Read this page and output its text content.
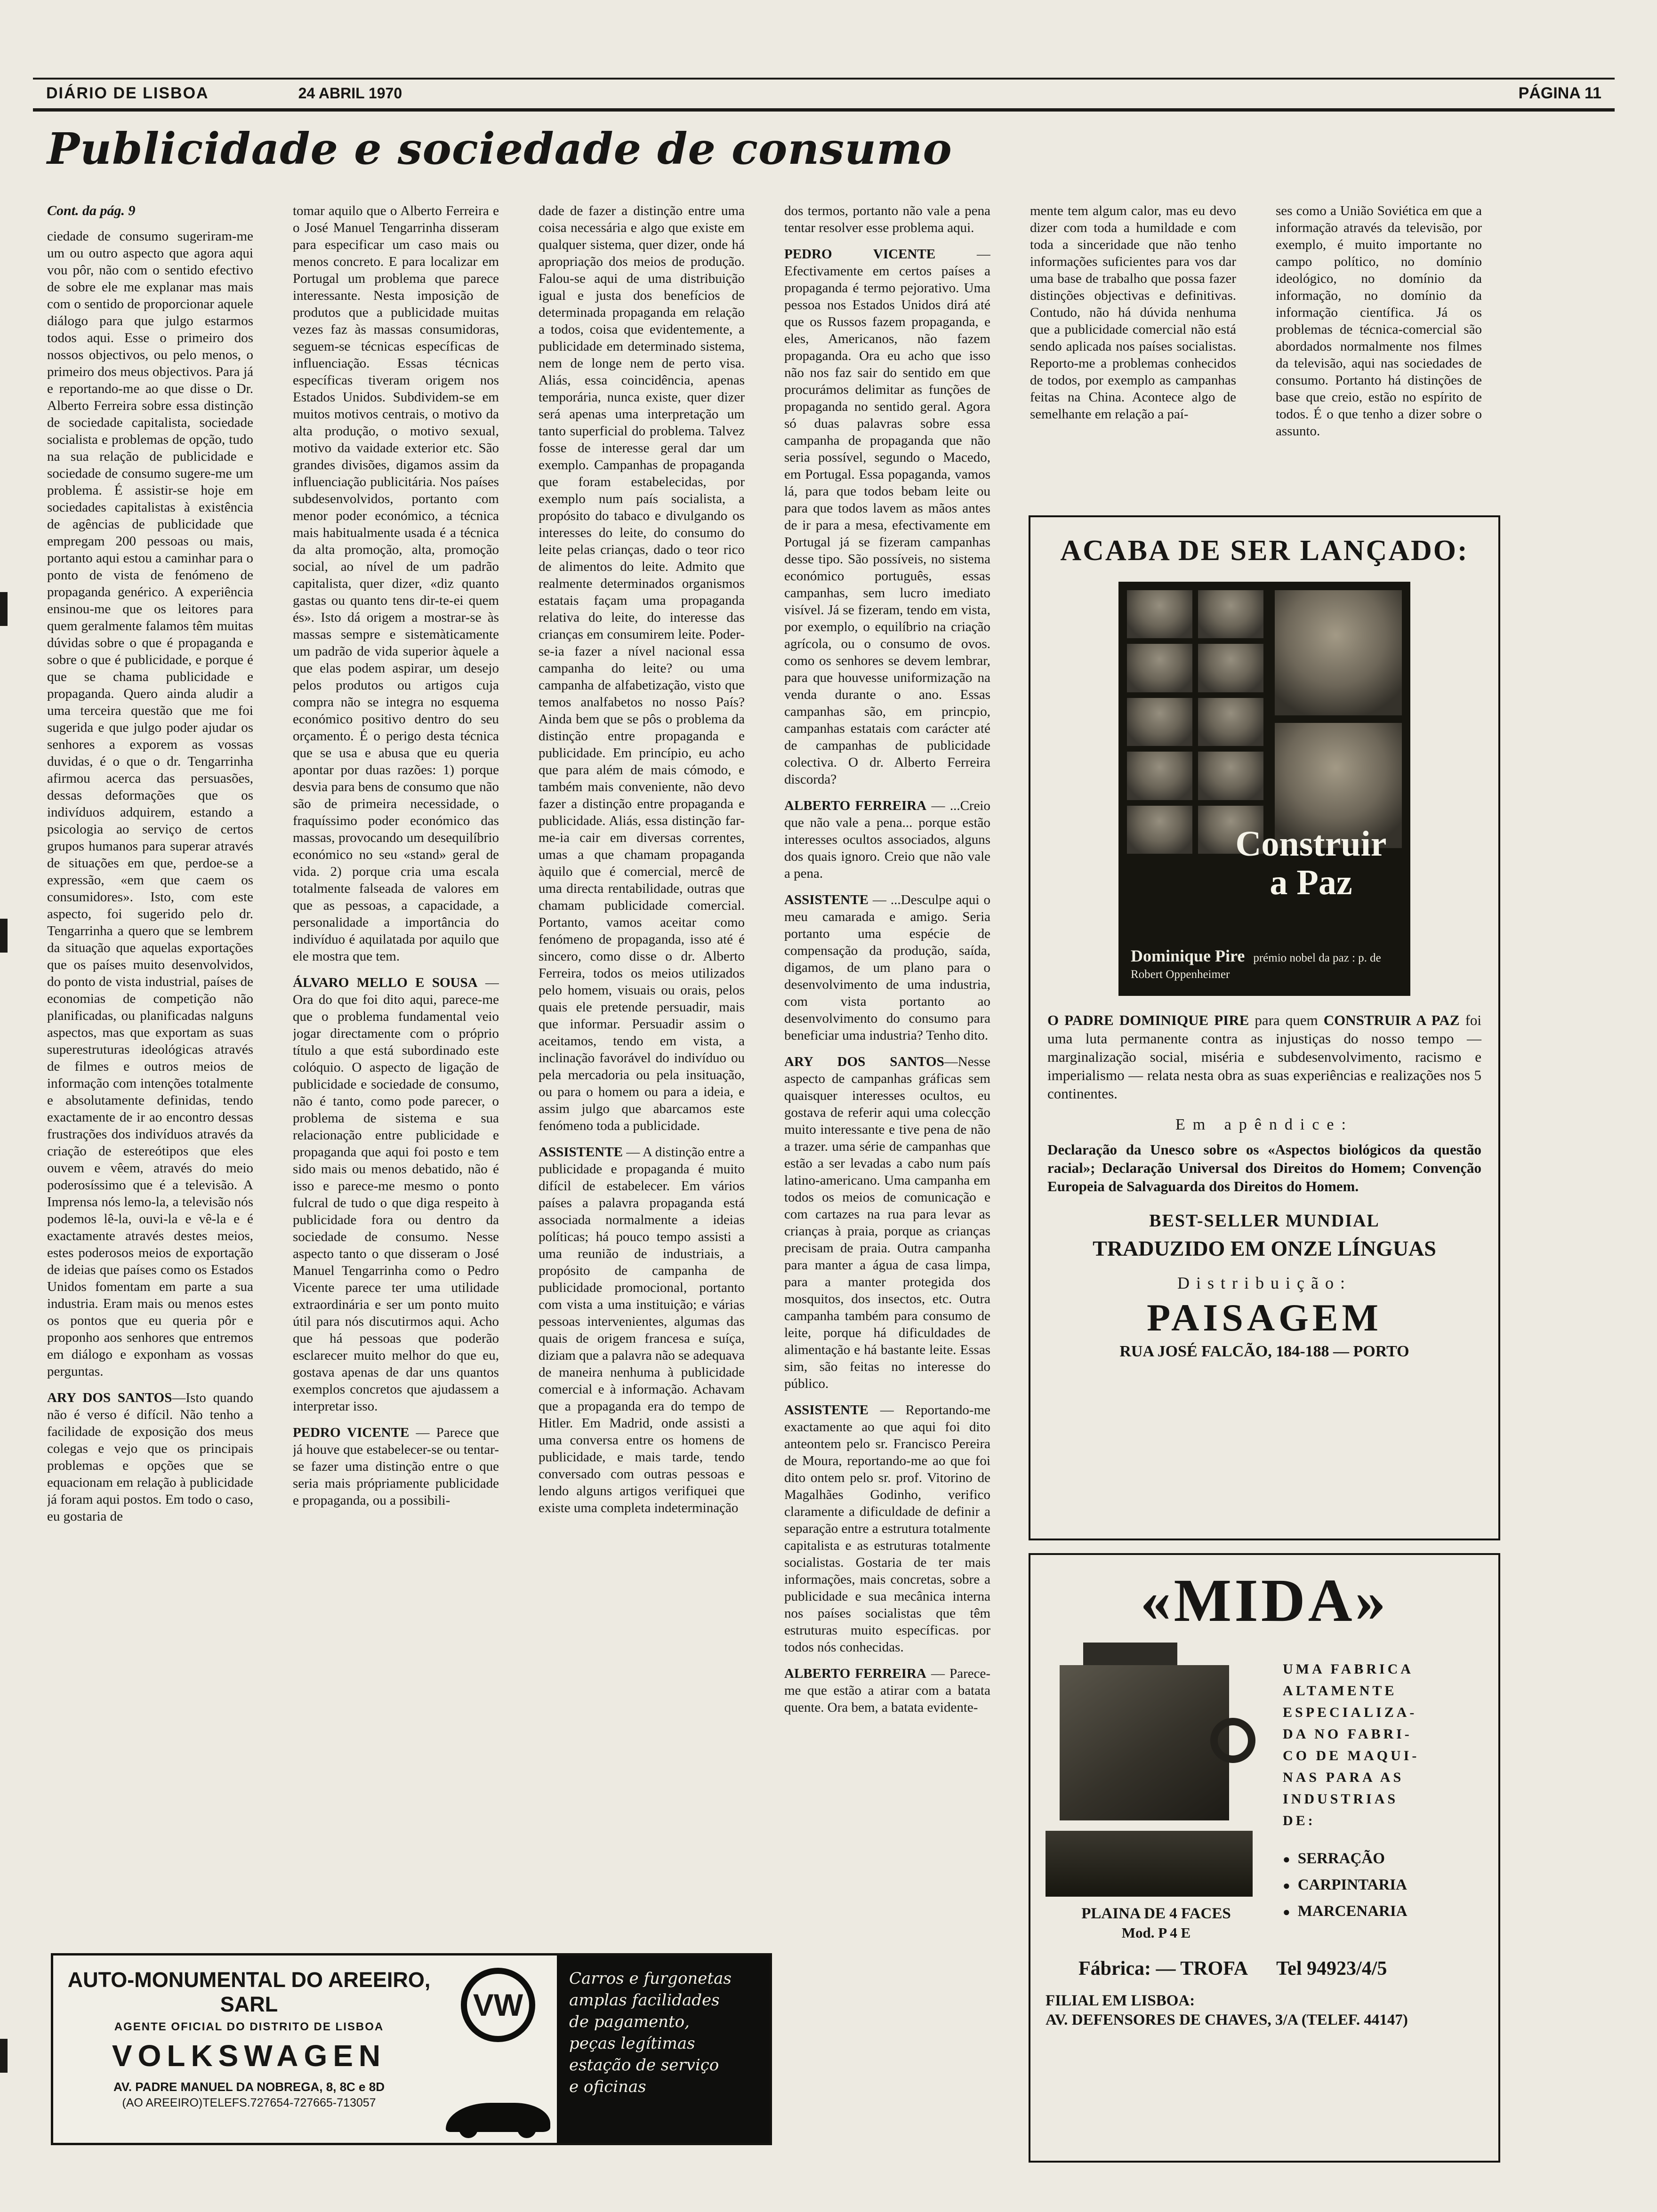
DIÁRIO DE LISBOA	24 ABRIL 1970	PÁGINA 11
Publicidade e sociedade de consumo
Cont. da pág. 9

ciedade de consumo sugeriram-me um ou outro aspecto que agora aqui vou pôr, não com o sentido efectivo de sobre ele me explanar mas mais com o sentido de proporcionar aquele diálogo para que julgo estarmos todos aqui. Esse o primeiro dos nossos objectivos, ou pelo menos, o primeiro dos meus objectivos. Para já e reportando-me ao que disse o Dr. Alberto Ferreira sobre essa distinção de sociedade capitalista, sociedade socialista e problemas de opção, tudo na sua relação de publicidade e sociedade de consumo sugere-me um problema. É assistir-se hoje em sociedades capitalistas à existência de agências de publicidade que empregam 200 pessoas ou mais, portanto aqui estou a caminhar para o ponto de vista de fenómeno de propaganda genérico. A experiência ensinou-me que os leitores para quem geralmente falamos têm muitas dúvidas sobre o que é propaganda e sobre o que é publicidade, e porque é que se chama publicidade e propaganda. Quero ainda aludir a uma terceira questão que me foi sugerida e que julgo poder ajudar os senhores a exporem as vossas duvidas, é o que o dr. Tengarrinha afirmou acerca das persuasões, dessas deformações que os indivíduos adquirem, estando a psicologia ao serviço de certos grupos humanos para superar através de situações em que, perdoe-se a expressão, «em que caem os consumidores». Isto, com este aspecto, foi sugerido pelo dr. Tengarrinha a quero que se lembrem da situação que aquelas exportações que os países muito desenvolvidos, do ponto de vista industrial, países de economias de competição não planificadas, ou planificadas nalguns aspectos, mas que exportam as suas superestruturas ideológicas através de filmes e outros meios de informação com intenções totalmente e absolutamente definidas, tendo exactamente de ir ao encontro dessas frustrações dos indivíduos através da criação de estereótipos que eles ouvem e vêem, através do meio poderosíssimo que é a televisão. A Imprensa nós lemo-la, a televisão nós podemos lê-la, ouvi-la e vê-la e é exactamente através destes meios, estes poderosos meios de exportação de ideias que países como os Estados Unidos fomentam em parte a sua industria. Eram mais ou menos estes os pontos que eu queria pôr e proponho aos senhores que entremos em diálogo e exponham as vossas perguntas.

ARY DOS SANTOS—Isto quando não é verso é difícil. Não tenho a facilidade de exposição dos meus colegas e vejo que os principais problemas e opções que se equacionam em relação à publicidade já foram aqui postos. Em todo o caso, eu gostaria de

tomar aquilo que o Alberto Ferreira e o José Manuel Tengarrinha disseram para especificar um caso mais ou menos concreto. E para localizar em Portugal um problema que parece interessante. Nesta imposição de produtos que a publicidade muitas vezes faz às massas consumidoras, seguem-se técnicas específicas de influenciação. Essas técnicas específicas tiveram origem nos Estados Unidos. Subdividem-se em muitos motivos centrais, o motivo da alta produção, o motivo sexual, motivo da vaidade exterior etc. São grandes divisões, digamos assim da influenciação publicitária. Nos países subdesenvolvidos, portanto com menor poder económico, a técnica mais habitualmente usada é a técnica da alta promoção, alta, promoção social, ao nível de um padrão capitalista, quer dizer, «diz quanto gastas ou quanto tens dir-te-ei quem és». Isto dá origem a mostrar-se às massas sempre e sistemàticamente um padrão de vida superior àquele a que elas podem aspirar, um desejo pelos produtos ou artigos cuja compra não se integra no esquema económico positivo dentro do seu orçamento. É o perigo desta técnica que se usa e abusa que eu queria apontar por duas razões: 1) porque desvia para bens de consumo que não são de primeira necessidade, o fraquíssimo poder económico das massas, provocando um desequilíbrio económico no seu «stand» geral de vida. 2) porque cria uma escala totalmente falseada de valores em que as pessoas, a capacidade, a personalidade a importância do indivíduo é aquilatada por aquilo que ele mostra que tem.

ÁLVARO MELLO E SOUSA — Ora do que foi dito aqui, parece-me que o problema fundamental veio jogar directamente com o próprio título a que está subordinado este colóquio. O aspecto de ligação de publicidade e sociedade de consumo, não é tanto, como pode parecer, o problema de sistema e sua relacionação entre publicidade e propaganda que aqui foi posto e tem sido mais ou menos debatido, não é isso e parece-me mesmo o ponto fulcral de tudo o que diga respeito à publicidade fora ou dentro da sociedade de consumo. Nesse aspecto tanto o que disseram o José Manuel Tengarrinha como o Pedro Vicente parece ter uma utilidade extraordinária e ser um ponto muito útil para nós discutirmos aqui. Acho que há pessoas que poderão esclarecer muito melhor do que eu, gostava apenas de dar uns quantos exemplos concretos que ajudassem a interpretar isso.

PEDRO VICENTE — Parece que já houve que estabelecer-se ou tentar-se fazer uma distinção entre o que seria mais própriamente publicidade e propaganda, ou a possibili-

dade de fazer a distinção entre uma coisa necessária e algo que existe em qualquer sistema, quer dizer, onde há apropriação dos meios de produção. Falou-se aqui de uma distribuição igual e justa dos benefícios de determinada propaganda em relação a todos, coisa que evidentemente, a publicidade em determinado sistema, nem de longe nem de perto visa. Aliás, essa coincidência, apenas temporária, nunca existe, quer dizer será apenas uma interpretação um tanto superficial do problema. Talvez fosse de interesse geral dar um exemplo. Campanhas de propaganda que foram estabelecidas, por exemplo num país socialista, a propósito do tabaco e divulgando os interesses do leite, do consumo do leite pelas crianças, dado o teor rico de alimentos do leite. Admito que realmente determinados organismos estatais façam uma propaganda relativa do leite, do interesse das crianças em consumirem leite. Poder-se-ia fazer a nível nacional essa campanha do leite? ou uma campanha de alfabetização, visto que temos analfabetos no nosso País? Ainda bem que se pôs o problema da distinção entre propaganda e publicidade. Em princípio, eu acho que para além de mais cómodo, e também mais conveniente, não devo fazer a distinção entre propaganda e publicidade. Aliás, essa distinção far-me-ia cair em diversas correntes, umas a que chamam propaganda àquilo que é comercial, mercê de uma directa rentabilidade, outras que chamam publicidade comercial. Portanto, vamos aceitar como fenómeno de propaganda, isso até é sincero, como disse o dr. Alberto Ferreira, todos os meios utilizados pelo homem, visuais ou orais, pelos quais ele pretende persuadir, mais que informar. Persuadir assim o aceitamos, tendo em vista, a inclinação favorável do indivíduo ou pela mercadoria ou pela insituação, ou para o homem ou para a ideia, e assim julgo que abarcamos este fenómeno toda a publicidade.

ASSISTENTE — A distinção entre a publicidade e propaganda é muito difícil de estabelecer. Em vários países a palavra propaganda está associada normalmente a ideias políticas; há pouco tempo assisti a uma reunião de industriais, a propósito de campanha de publicidade promocional, portanto com vista a uma instituição; e várias pessoas intervenientes, algumas das quais de origem francesa e suíça, diziam que a palavra não se adequava de maneira nenhuma à publicidade comercial e à informação. Achavam que a propaganda era do tempo de Hitler. Em Madrid, onde assisti a uma conversa entre os homens de publicidade, e mais tarde, tendo conversado com outras pessoas e lendo alguns artigos verifiquei que existe uma completa indeterminação

dos termos, portanto não vale a pena tentar resolver esse problema aqui.

PEDRO VICENTE — Efectivamente em certos países a propaganda é termo pejorativo. Uma pessoa nos Estados Unidos dirá até que os Russos fazem propaganda, e eles, Americanos, não fazem propaganda. Ora eu acho que isso não nos faz sair do sentido em que procurámos delimitar as funções de propaganda no sentido geral. Agora só duas palavras sobre essa campanha de propaganda que não seria possível, segundo o Macedo, em Portugal. Essa popaganda, vamos lá, para que todos bebam leite ou para que todos lavem as mãos antes de ir para a mesa, efectivamente em Portugal já se fizeram campanhas desse tipo. São possíveis, no sistema económico português, essas campanhas, sem lucro imediato visível. Já se fizeram, tendo em vista, por exemplo, o equilíbrio na criação agrícola, ou o consumo de ovos. como os senhores se devem lembrar, para que houvesse uniformização na venda durante o ano. Essas campanhas são, em princpio, campanhas estatais com carácter até de campanhas de publicidade colectiva. O dr. Alberto Ferreira discorda?

ALBERTO FERREIRA — ...Creio que não vale a pena... porque estão interesses ocultos associados, alguns dos quais ignoro. Creio que não vale a pena.

ASSISTENTE — ...Desculpe aqui o meu camarada e amigo. Seria portanto uma espécie de compensação da produção, saída, digamos, de um plano para o desenvolvimento de uma industria, com vista portanto ao desenvolvimento do consumo para beneficiar uma industria? Tenho dito.

ARY DOS SANTOS—Nesse aspecto de campanhas gráficas sem quaisquer interesses ocultos, eu gostava de referir aqui uma colecção muito interessante e tive pena de não a trazer. uma série de campanhas que estão a ser levadas a cabo num país latino-americano. Uma campanha em todos os meios de comunicação e com cartazes na rua para levar as crianças à praia, porque as crianças precisam de praia. Outra campanha para manter a água de casa limpa, para a manter protegida dos mosquitos, dos insectos, etc. Outra campanha também para consumo de leite, porque há dificuldades de alimentação e há bastante leite. Essas sim, são feitas no interesse do público.

ASSISTENTE — Reportando-me exactamente ao que aqui foi dito anteontem pelo sr. Francisco Pereira de Moura, reportando-me ao que foi dito ontem pelo sr. prof. Vitorino de Magalhães Godinho, verifico claramente a dificuldade de definir a separação entre a estrutura totalmente capitalista e as estruturas totalmente socialistas. Gostaria de ter mais informações, mais concretas, sobre a publicidade e sua mecânica interna nos países socialistas que têm estruturas muito específicas. por todos nós conhecidas.

ALBERTO FERREIRA — Parece-me que estão a atirar com a batata quente. Ora bem, a batata evidente-

mente tem algum calor, mas eu devo dizer com toda a humildade e com toda a sinceridade que não tenho informações suficientes para vos dar uma base de trabalho que possa fazer distinções objectivas e definitivas. Contudo, não há dúvida nenhuma que a publicidade comercial não está sendo aplicada nos países socialistas. Reporto-me a problemas conhecidos de todos, por exemplo as campanhas feitas na China. Acontece algo de semelhante em relação a paí-

ses como a União Soviética em que a informação através da televisão, por exemplo, é muito importante no campo político, no domínio ideológico, no domínio da informação, no domínio da informação científica. Já os problemas de técnica-comercial são abordados normalmente nos filmes da televisão, aqui nas sociedades de consumo. Portanto há distinções de base que creio, estão no espírito de todos. É o que tenho a dizer sobre o assunto.

ACABA DE SER LANÇADO:
Construir
a Paz
Dominique Pire prémio nobel da paz : p. de Robert Oppenheimer

O PADRE DOMINIQUE PIRE para quem CONSTRUIR A PAZ foi uma luta permanente contra as injustiças do nosso tempo — marginalização social, miséria e subdesenvolvimento, racismo e imperialismo — relata nesta obra as suas experiências e realizações nos 5 continentes.

Em apêndice:

Declaração da Unesco sobre os «Aspectos biológicos da questão racial»; Declaração Universal dos Direitos do Homem; Convenção Europeia de Salvaguarda dos Direitos do Homem.

BEST-SELLER MUNDIAL
TRADUZIDO EM ONZE LÍNGUAS
Distribuição:
PAISAGEM
RUA JOSÉ FALCÃO, 184-188 — PORTO
«MIDA»
PLAINA DE 4 FACES
Mod. P 4 E
UMA FABRICA
ALTAMENTE
ESPECIALIZA-
DA NO FABRI-
CO DE MAQUI-
NAS PARA AS
INDUSTRIAS
DE:
● SERRAÇÃO
● CARPINTARIA
● MARCENARIA
Fábrica: — TROFA Tel 94923/4/5
FILIAL EM LISBOA:
AV. DEFENSORES DE CHAVES, 3/A (TELEF. 44147)
AUTO-MONUMENTAL DO AREEIRO, SARL
AGENTE OFICIAL DO DISTRITO DE LISBOA
VOLKSWAGEN
AV. PADRE MANUEL DA NOBREGA, 8, 8C e 8D
(AO AREEIRO)TELEFS.727654-727665-713057
VW
Carros e furgonetas
amplas facilidades
de pagamento,
peças legítimas
estação de serviço
e oficinas
